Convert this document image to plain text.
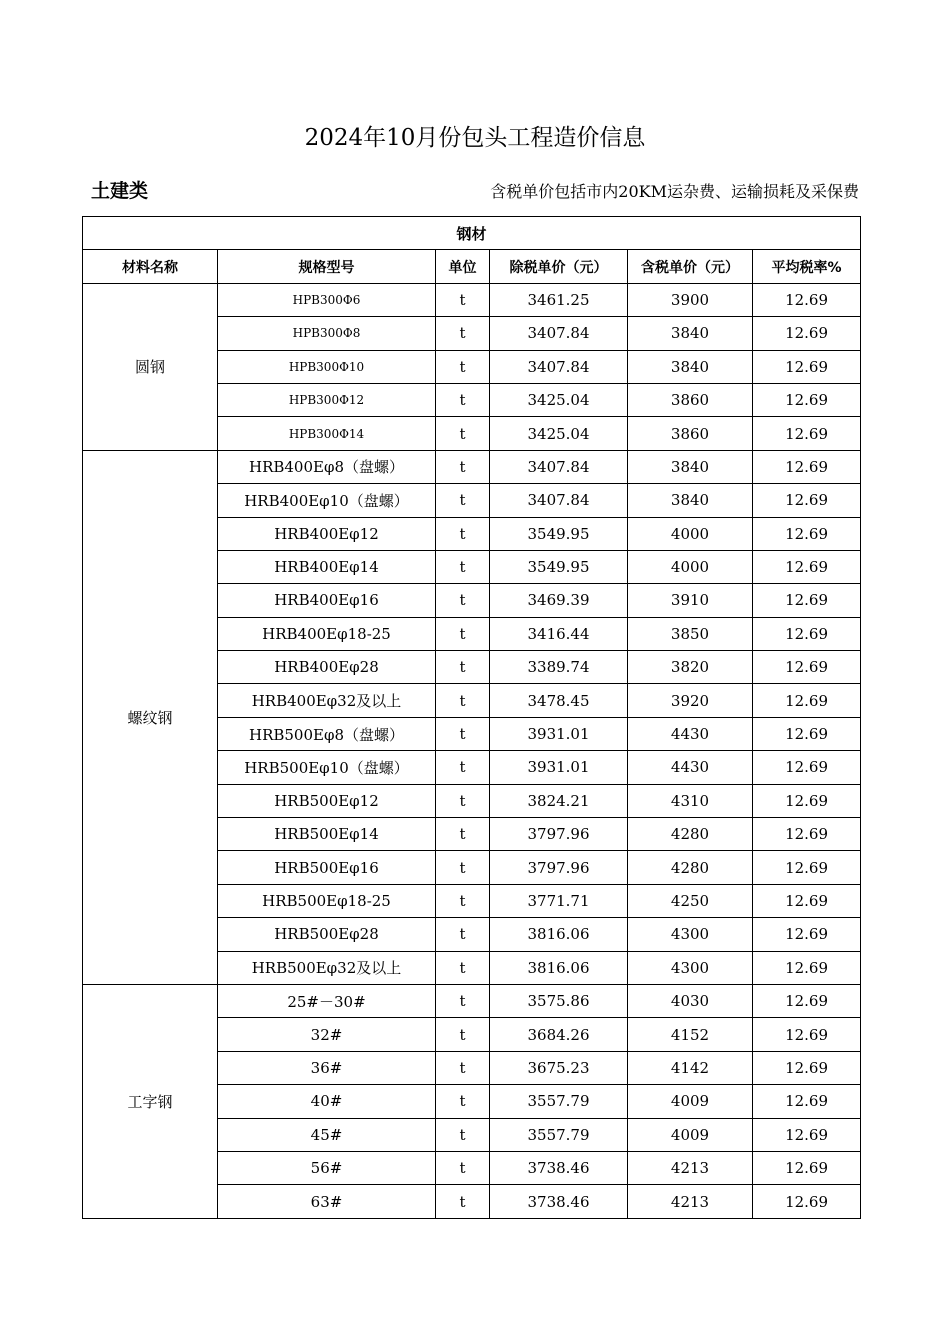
2024年10月份包头工程造价信息
土建类	含税单价包括市内20KM运杂费、运输损耗及采保费
钢材					
材料名称	规格型号	单位	除税单价（元）	含税单价（元）	平均税率%
圆钢	HPB300Φ6	t	3461.25	3900	12.69
	HPB300Φ8	t	3407.84	3840	12.69
	HPB300Φ10	t	3407.84	3840	12.69
	HPB300Φ12	t	3425.04	3860	12.69
	HPB300Φ14	t	3425.04	3860	12.69
螺纹钢	HRB400Eφ8（盘螺）	t	3407.84	3840	12.69
	HRB400Eφ10（盘螺）	t	3407.84	3840	12.69
	HRB400Eφ12	t	3549.95	4000	12.69
	HRB400Eφ14	t	3549.95	4000	12.69
	HRB400Eφ16	t	3469.39	3910	12.69
	HRB400Eφ18-25	t	3416.44	3850	12.69
	HRB400Eφ28	t	3389.74	3820	12.69
	HRB400Eφ32及以上	t	3478.45	3920	12.69
	HRB500Eφ8（盘螺）	t	3931.01	4430	12.69
	HRB500Eφ10（盘螺）	t	3931.01	4430	12.69
	HRB500Eφ12	t	3824.21	4310	12.69
	HRB500Eφ14	t	3797.96	4280	12.69
	HRB500Eφ16	t	3797.96	4280	12.69
	HRB500Eφ18-25	t	3771.71	4250	12.69
	HRB500Eφ28	t	3816.06	4300	12.69
	HRB500Eφ32及以上	t	3816.06	4300	12.69
工字钢	25#－30#	t	3575.86	4030	12.69
	32#	t	3684.26	4152	12.69
	36#	t	3675.23	4142	12.69
	40#	t	3557.79	4009	12.69
	45#	t	3557.79	4009	12.69
	56#	t	3738.46	4213	12.69
	63#	t	3738.46	4213	12.69
